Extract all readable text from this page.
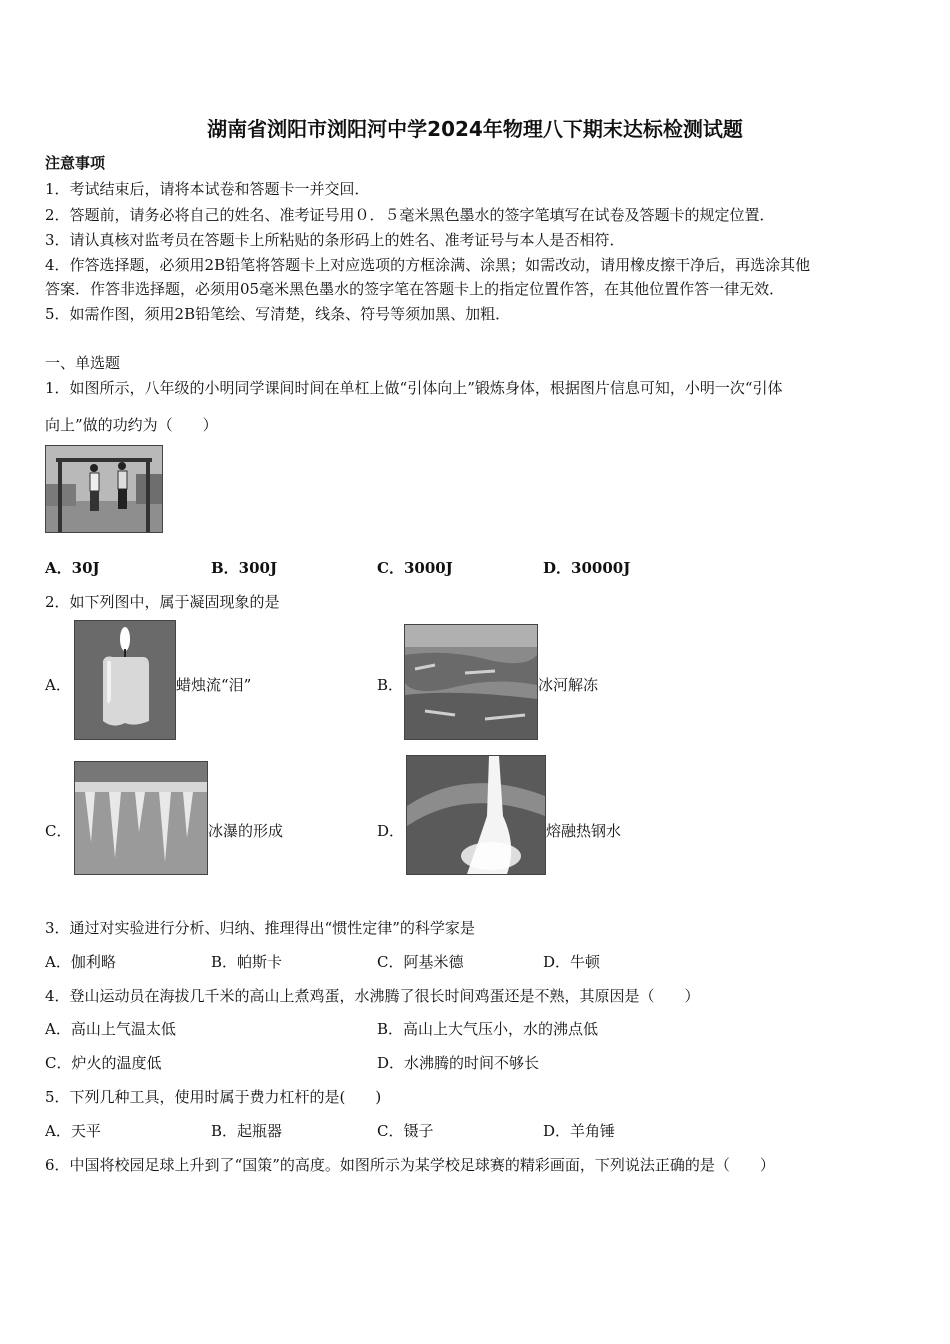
湖南省浏阳市浏阳河中学2024年物理八下期末达标检测试题
注意事项
1．考试结束后，请将本试卷和答题卡一并交回．
2．答题前，请务必将自己的姓名、准考证号用０．５毫米黑色墨水的签字笔填写在试卷及答题卡的规定位置．
3．请认真核对监考员在答题卡上所粘贴的条形码上的姓名、准考证号与本人是否相符．
4．作答选择题，必须用2B铅笔将答题卡上对应选项的方框涂满、涂黑；如需改动，请用橡皮擦干净后，再选涂其他
答案．作答非选择题，必须用05毫米黑色墨水的签字笔在答题卡上的指定位置作答，在其他位置作答一律无效．
5．如需作图，须用2B铅笔绘、写清楚，线条、符号等须加黑、加粗．
一、单选题
1．如图所示，八年级的小明同学课间时间在单杠上做“引体向上”锻炼身体，根据图片信息可知，小明一次“引体
向上”做的功约为（　　）
A．30J	B．300J	C．3000J	D．30000J
2．如下列图中，属于凝固现象的是
A．	蜡烛流“泪”	B．	冰河解冻
C．	冰瀑的形成	D．	熔融热钢水
3．通过对实验进行分析、归纳、推理得出“惯性定律”的科学家是
A．伽利略	B．帕斯卡	C．阿基米德	D．牛顿
4．登山运动员在海拔几千米的高山上煮鸡蛋，水沸腾了很长时间鸡蛋还是不熟，其原因是（　　）
A．高山上气温太低	B．高山上大气压小，水的沸点低
C．炉火的温度低	D．水沸腾的时间不够长
5．下列几种工具，使用时属于费力杠杆的是(　　)
A．天平	B．起瓶器	C．镊子	D．羊角锤
6．中国将校园足球上升到了“国策”的高度。如图所示为某学校足球赛的精彩画面，下列说法正确的是（　　）
